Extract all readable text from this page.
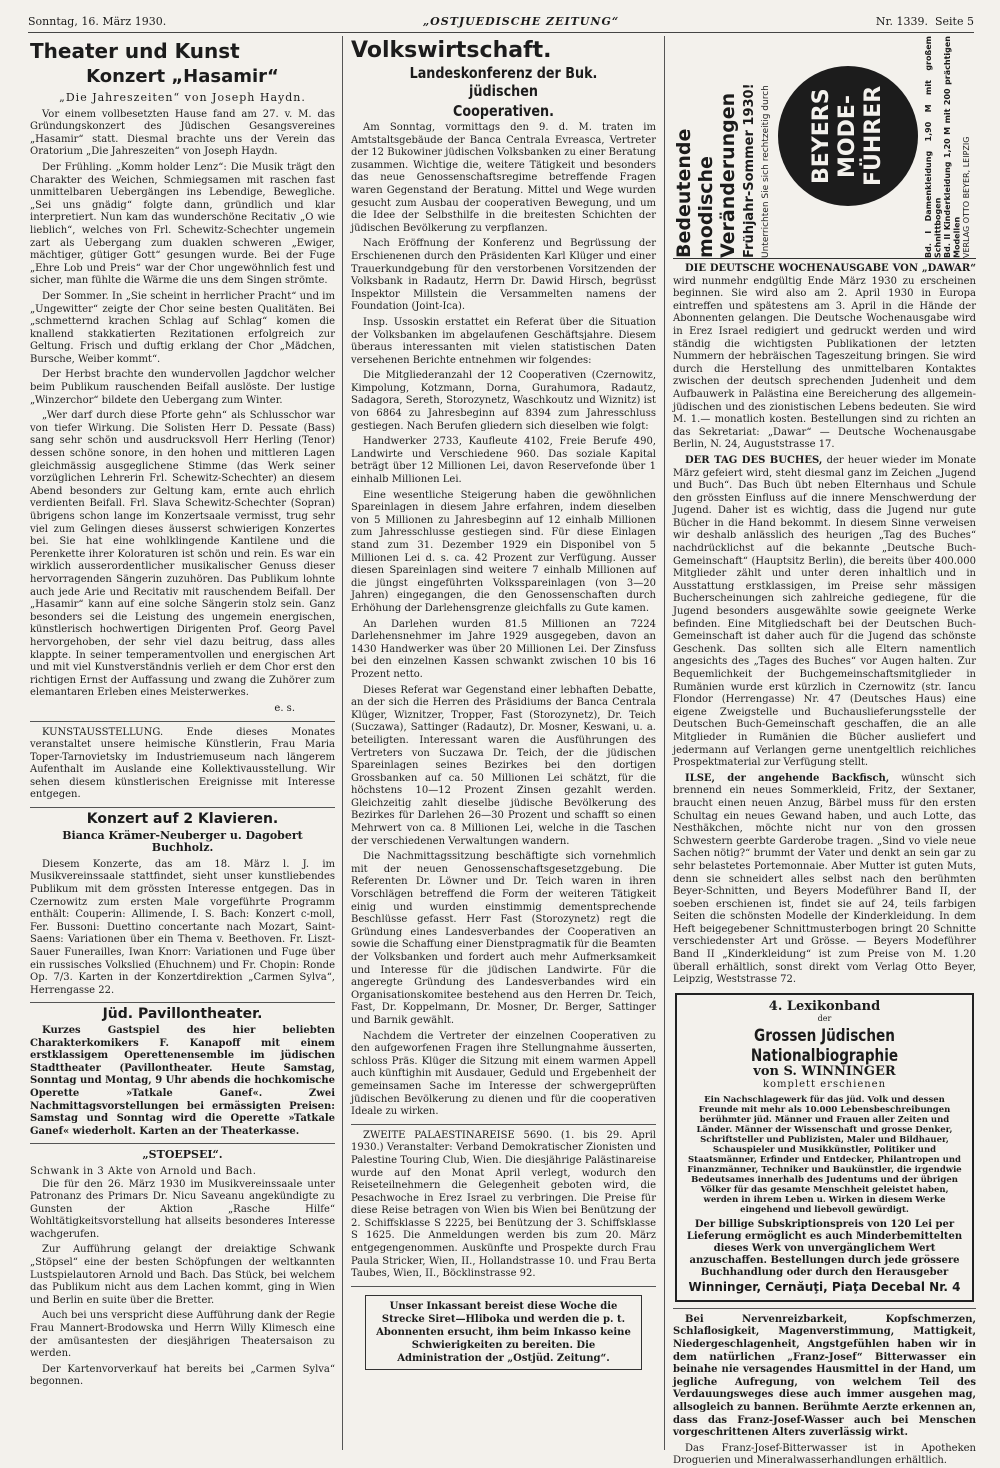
Sonntag, 16. März 1930.	„OSTJUEDISCHE ZEITUNG“	Nr. 1339. Seite 5
Theater und Kunst
Konzert „Hasamir“
„Die Jahreszeiten“ von Joseph Haydn.

Vor einem vollbesetzten Hause fand am 27. v. M. das Gründungskonzert des Jüdischen Gesangsvereines „Hasamir“ statt. Diesmal brachte uns der Verein das Oratorium „Die Jahreszeiten“ von Joseph Haydn.

Der Frühling. „Komm holder Lenz“: Die Musik trägt den Charakter des Weichen, Schmiegsamen mit raschen fast unmittelbaren Uebergängen ins Lebendige, Bewegliche. „Sei uns gnädig“ folgte dann, gründlich und klar interpretiert. Nun kam das wunderschöne Recitativ „O wie lieblich“, welches von Frl. Schewitz-Schechter ungemein zart als Uebergang zum duaklen schweren „Ewiger, mächtiger, gütiger Gott“ gesungen wurde. Bei der Fuge „Ehre Lob und Preis“ war der Chor ungewöhnlich fest und sicher, man fühlte die Wärme die uns dem Singen strömte.

Der Sommer. In „Sie scheint in herrlicher Pracht“ und im „Ungewitter“ zeigte der Chor seine besten Qualitäten. Bei „schmetternd krachen Schlag auf Schlag“ komen die knallend stakkatierten Rezitationen erfolgreich zur Geltung. Frisch und duftig erklang der Chor „Mädchen, Bursche, Weiber kommt“.

Der Herbst brachte den wundervollen Jagdchor welcher beim Publikum rauschenden Beifall auslöste. Der lustige „Winzerchor“ bildete den Uebergang zum Winter.

„Wer darf durch diese Pforte gehn“ als Schlusschor war von tiefer Wirkung. Die Solisten Herr D. Pessate (Bass) sang sehr schön und ausdrucksvoll Herr Herling (Tenor) dessen schöne sonore, in den hohen und mittleren Lagen gleichmässig ausgeglichene Stimme (das Werk seiner vorzüglichen Lehrerin Frl. Schewitz-Schechter) an diesem Abend besonders zur Geltung kam, ernte auch ehrlich verdienten Beifall. Frl. Slava Schewitz-Schechter (Sopran) übrigens schon lange im Konzertsaale vermisst, trug sehr viel zum Gelingen dieses äusserst schwierigen Konzertes bei. Sie hat eine wohlklingende Kantilene und die Perenkette ihrer Koloraturen ist schön und rein. Es war ein wirklich ausserordentlicher musikalischer Genuss dieser hervorragenden Sängerin zuzuhören. Das Publikum lohnte auch jede Arie und Recitativ mit rauschendem Beifall. Der „Hasamir“ kann auf eine solche Sängerin stolz sein. Ganz besonders sei die Leistung des ungemein energischen, künstlerisch hochwertigen Dirigenten Prof. Georg Pavel hervorgehoben, der sehr viel dazu beitrug, dass alles klappte. In seiner temperamentvollen und energischen Art und mit viel Kunstverständnis verlieh er dem Chor erst den richtigen Ernst der Auffassung und zwang die Zuhörer zum elemantaren Erleben eines Meisterwerkes.

e. s.

KUNSTAUSSTELLUNG. Ende dieses Monates veranstaltet unsere heimische Künstlerin, Frau Maria Toper-Tarnovietsky im Industriemuseum nach längerem Aufenthalt im Auslande eine Kollektivausstellung. Wir sehen diesem künstlerischen Ereignisse mit Interesse entgegen.

Konzert auf 2 Klavieren.
Bianca Krämer-Neuberger u. Dagobert Buchholz.

Diesem Konzerte, das am 18. März l. J. im Musikvereinssaale stattfindet, sieht unser kunstliebendes Publikum mit dem grössten Interesse entgegen. Das in Czernowitz zum ersten Male vorgeführte Programm enthält: Couperin: Allimende, I. S. Bach: Konzert c-moll, Fer. Bussoni: Duettino concertante nach Mozart, Saint-Saens: Variationen über ein Thema v. Beethoven. Fr. Liszt-Sauer Funerailles, Iwan Knorr: Variationen und Fuge über ein russisches Volkslied (Ehuchnem) und Fr. Chopin: Ronde Op. 7/3. Karten in der Konzertdirektion „Carmen Sylva“, Herrengasse 22.

Jüd. Pavillontheater.

Kurzes Gastspiel des hier beliebten Charakterkomikers F. Kanapoff mit einem erstklassigem Operettenensemble im jüdischen Stadttheater (Pavillontheater. Heute Samstag, Sonntag und Montag, 9 Uhr abends die hochkomische Operette »Tatkale Ganef«. Zwei Nachmittagsvorstellungen bei ermässigten Preisen: Samstag und Sonntag wird die Operette »Tatkale Ganef« wiederholt. Karten an der Theaterkasse.

„STOEPSEL“.
Schwank in 3 Akte von Arnold und Bach.

Die für den 26. März 1930 im Musikvereinssaale unter Patronanz des Primars Dr. Nicu Saveanu angekündigte zu Gunsten der Aktion „Rasche Hilfe“ Wohltätigkeitsvorstellung hat allseits besonderes Interesse wachgerufen.

Zur Aufführung gelangt der dreiaktige Schwank „Stöpsel“ eine der besten Schöpfungen der weltkannten Lustspielautoren Arnold und Bach. Das Stück, bei welchem das Publikum nicht aus dem Lachen kommt, ging in Wien und Berlin en suite über die Bretter.

Auch bei uns verspricht diese Aufführung dank der Regie Frau Mannert-Brodowska und Herrn Willy Klimesch eine der amüsantesten der diesjährigen Theatersaison zu werden.

Der Kartenvorverkauf hat bereits bei „Carmen Sylva“ begonnen.

Volkswirtschaft.
Landeskonferenz der Buk. jüdischen
Cooperativen.

Am Sonntag, vormittags den 9. d. M. traten im Amtstaltsgebäude der Banca Centrala Evreasca, Vertreter der 12 Bukowiner jüdischen Volksbanken zu einer Beratung zusammen. Wichtige die, weitere Tätigkeit und besonders das neue Genossenschaftsregime betreffende Fragen waren Gegenstand der Beratung. Mittel und Wege wurden gesucht zum Ausbau der cooperativen Bewegung, und um die Idee der Selbsthilfe in die breitesten Schichten der jüdischen Bevölkerung zu verpflanzen.

Nach Eröffnung der Konferenz und Begrüssung der Erschienenen durch den Präsidenten Karl Klüger und einer Trauerkundgebung für den verstorbenen Vorsitzenden der Volksbank in Radautz, Herrn Dr. Dawid Hirsch, begrüsst Inspektor Millstein die Versammelten namens der Foundation (Joint-Ica).

Insp. Ussoskin erstattet ein Referat über die Situation der Volksbanken im abgelaufenen Geschäftsjahre. Diesem überaus interessanten mit vielen statistischen Daten versehenen Berichte entnehmen wir folgendes:

Die Mitgliederanzahl der 12 Cooperativen (Czernowitz, Kimpolung, Kotzmann, Dorna, Gurahumora, Radautz, Sadagora, Sereth, Storozynetz, Waschkoutz und Wiznitz) ist von 6864 zu Jahresbeginn auf 8394 zum Jahresschluss gestiegen. Nach Berufen gliedern sich dieselben wie folgt:

Handwerker 2733, Kaufleute 4102, Freie Berufe 490, Landwirte und Verschiedene 960. Das soziale Kapital beträgt über 12 Millionen Lei, davon Reservefonde über 1 einhalb Millionen Lei.

Eine wesentliche Steigerung haben die gewöhnlichen Spareinlagen in diesem Jahre erfahren, indem dieselben von 5 Millionen zu Jahresbeginn auf 12 einhalb Millionen zum Jahresschlusse gestiegen sind. Für diese Einlagen stand zum 31. Dezember 1929 ein Disponibel von 5 Millionen Lei d. s. ca. 42 Prozent zur Verfügung. Ausser diesen Spareinlagen sind weitere 7 einhalb Millionen auf die jüngst eingeführten Volksspareinlagen (von 3—20 Jahren) eingegangen, die den Genossenschaften durch Erhöhung der Darlehensgrenze gleichfalls zu Gute kamen.

An Darlehen wurden 81.5 Millionen an 7224 Darlehensnehmer im Jahre 1929 ausgegeben, davon an 1430 Handwerker was über 20 Millionen Lei. Der Zinsfuss bei den einzelnen Kassen schwankt zwischen 10 bis 16 Prozent netto.

Dieses Referat war Gegenstand einer lebhaften Debatte, an der sich die Herren des Präsidiums der Banca Centrala Klüger, Wiznitzer, Tropper, Fast (Storozynetz), Dr. Teich (Suczawa), Sattinger (Radautz), Dr. Mosner, Keswani, u. a. beteiligten. Interessant waren die Ausführungen des Vertreters von Suczawa Dr. Teich, der die jüdischen Spareinlagen seines Bezirkes bei den dortigen Grossbanken auf ca. 50 Millionen Lei schätzt, für die höchstens 10—12 Prozent Zinsen gezahlt werden. Gleichzeitig zahlt dieselbe jüdische Bevölkerung des Bezirkes für Darlehen 26—30 Prozent und schafft so einen Mehrwert von ca. 8 Millionen Lei, welche in die Taschen der verschiedenen Verwaltungen wandern.

Die Nachmittagssitzung beschäftigte sich vornehmlich mit der neuen Genossenschaftsgesetzgebung. Die Referenten Dr. Löwner und Dr. Teich waren in ihren Vorschlägen betreffend die Form der weiteren Tätigkeit einig und wurden einstimmig dementsprechende Beschlüsse gefasst. Herr Fast (Storozynetz) regt die Gründung eines Landesverbandes der Cooperativen an sowie die Schaffung einer Dienstpragmatik für die Beamten der Volksbanken und fordert auch mehr Aufmerksamkeit und Interesse für die jüdischen Landwirte. Für die angeregte Gründung des Landesverbandes wird ein Organisationskomitee bestehend aus den Herren Dr. Teich, Fast, Dr. Koppelmann, Dr. Mosner, Dr. Berger, Sattinger und Barnik gewählt.

Nachdem die Vertreter der einzelnen Cooperativen zu den aufgeworfenen Fragen ihre Stellungnahme äusserten, schloss Präs. Klüger die Sitzung mit einem warmen Appell auch künftighin mit Ausdauer, Geduld und Ergebenheit der gemeinsamen Sache im Interesse der schwergeprüften jüdischen Bevölkerung zu dienen und für die cooperativen Ideale zu wirken.

ZWEITE PALAESTINAREISE 5690. (1. bis 29. April 1930.) Veranstalter: Verband Demokratischer Zionisten und Palestine Touring Club, Wien. Die diesjährige Palästinareise wurde auf den Monat April verlegt, wodurch den Reiseteilnehmern die Gelegenheit geboten wird, die Pesachwoche in Erez Israel zu verbringen. Die Preise für diese Reise betragen von Wien bis Wien bei Benützung der 2. Schiffsklasse S 2225, bei Benützung der 3. Schiffsklasse S 1625. Die Anmeldungen werden bis zum 20. März entgegengenommen. Auskünfte und Prospekte durch Frau Paula Stricker, Wien, II., Hollandstrasse 10. und Frau Berta Taubes, Wien, II., Böcklinstrasse 92.

Unser Inkassant bereist diese Woche die Strecke Siret—Hliboka und werden die p. t. Abonnenten ersucht, ihm beim Inkasso keine Schwierigkeiten zu bereiten. Die Administration der „Ostjüd. Zeitung“.
Bedeutende modische Veränderungen Frühjahr-Sommer 1930! Unterrichten Sie sich rechtzeitig durch BEYERS MODE-FÜHRER	Bd. I Damenkleidung 1,90 M mit großem Schnittbogen Bd. II Kinderkleidung 1,20 M mit 200 prächtigen Modellen VERLAG OTTO BEYER, LEIPZIG

DIE DEUTSCHE WOCHENAUSGABE VON „DAWAR“ wird nunmehr endgültig Ende März 1930 zu erscheinen beginnen. Sie wird also am 2. April 1930 in Europa eintreffen und spätestens am 3. April in die Hände der Abonnenten gelangen. Die Deutsche Wochenausgabe wird in Erez Israel redigiert und gedruckt werden und wird ständig die wichtigsten Publikationen der letzten Nummern der hebräischen Tageszeitung bringen. Sie wird durch die Herstellung des unmittelbaren Kontaktes zwischen der deutsch sprechenden Judenheit und dem Aufbauwerk in Palästina eine Bereicherung des allgemein-jüdischen und des zionistischen Lebens bedeuten. Sie wird M. 1.— monatlich kosten. Bestellungen sind zu richten an das Sekretariat: „Dawar“ — Deutsche Wochenausgabe Berlin, N. 24, Auguststrasse 17.

DER TAG DES BUCHES, der heuer wieder im Monate März gefeiert wird, steht diesmal ganz im Zeichen „Jugend und Buch“. Das Buch übt neben Elternhaus und Schule den grössten Einfluss auf die innere Menschwerdung der Jugend. Daher ist es wichtig, dass die Jugend nur gute Bücher in die Hand bekommt. In diesem Sinne verweisen wir deshalb anlässlich des heurigen „Tag des Buches“ nachdrücklichst auf die bekannte „Deutsche Buch-Gemeinschaft“ (Hauptsitz Berlin), die bereits über 400.000 Mitglieder zählt und unter deren inhaltlich und in Ausstattung erstklassigen, im Preise sehr mässigen Bucherscheinungen sich zahlreiche gediegene, für die Jugend besonders ausgewählte sowie geeignete Werke befinden. Eine Mitgliedschaft bei der Deutschen Buch-Gemeinschaft ist daher auch für die Jugend das schönste Geschenk. Das sollten sich alle Eltern namentlich angesichts des „Tages des Buches“ vor Augen halten. Zur Bequemlichkeit der Buchgemeinschaftsmitglieder in Rumänien wurde erst kürzlich in Czernowitz (str. Iancu Flondor (Herrengasse) Nr. 47 (Deutsches Haus) eine eigene Zweigstelle und Buchauslieferungsstelle der Deutschen Buch-Gemeinschaft geschaffen, die an alle Mitglieder in Rumänien die Bücher ausliefert und jedermann auf Verlangen gerne unentgeltlich reichliches Prospektmaterial zur Verfügung stellt.

ILSE, der angehende Backfisch, wünscht sich brennend ein neues Sommerkleid, Fritz, der Sextaner, braucht einen neuen Anzug, Bärbel muss für den ersten Schultag ein neues Gewand haben, und auch Lotte, das Nesthäkchen, möchte nicht nur von den grossen Schwestern geerbte Garderobe tragen. „Sind vo viele neue Sachen nötig?“ brummt der Vater und denkt an sein gar zu sehr belastetes Portemonnaie. Aber Mutter ist guten Muts, denn sie schneidert alles selbst nach den berühmten Beyer-Schnitten, und Beyers Modeführer Band II, der soeben erschienen ist, findet sie auf 24, teils farbigen Seiten die schönsten Modelle der Kinderkleidung. In dem Heft beigegebener Schnittmusterbogen bringt 20 Schnitte verschiedenster Art und Grösse. — Beyers Modeführer Band II „Kinderkleidung“ ist zum Preise von M. 1.20 überall erhältlich, sonst direkt vom Verlag Otto Beyer, Leipzig, Weststrasse 72.

4. Lexikonband
der
Grossen Jüdischen Nationalbiographie
von S. WINNINGER
komplett erschienen
Ein Nachschlagewerk für das jüd. Volk und dessen Freunde mit mehr als 10.000 Lebensbeschreibungen berühmter jüd. Männer und Frauen aller Zeiten und Länder. Männer der Wissenschaft und grosse Denker, Schriftsteller und Publizisten, Maler und Bildhauer, Schauspieler und Musikkünstler, Politiker und Staatsmänner, Erfinder und Entdecker, Philantropen und Finanzmänner, Techniker und Baukünstler, die irgendwie Bedeutsames innerhalb des Judentums und der übrigen Völker für das gesamte Menschheit geleistet haben, werden in ihrem Leben u. Wirken in diesem Werke eingehend und liebevoll gewürdigt.
Der billige Subskriptionspreis von 120 Lei per Lieferung ermöglicht es auch Minderbemittelten dieses Werk von unvergänglichem Wert anzuschaffen. Bestellungen durch jede grössere Buchhandlung oder durch den Herausgeber
Winninger, Cernăuţi, Piaţa Decebal Nr. 4

Bei Nervenreizbarkeit, Kopfschmerzen, Schlaflosigkeit, Magenverstimmung, Mattigkeit, Niedergeschlagenheit, Angstgefühlen haben wir in dem natürlichen „Franz-Josef“ Bitterwasser ein beinahe nie versagendes Hausmittel in der Hand, um jegliche Aufregung, von welchem Teil des Verdauungsweges diese auch immer ausgehen mag, allsogleich zu bannen. Berühmte Aerzte erkennen an, dass das Franz-Josef-Wasser auch bei Menschen vorgeschrittenen Alters zuverlässig wirkt.

Das Franz-Josef-Bitterwasser ist in Apotheken Droguerien und Mineralwasserhandlungen erhältlich.
